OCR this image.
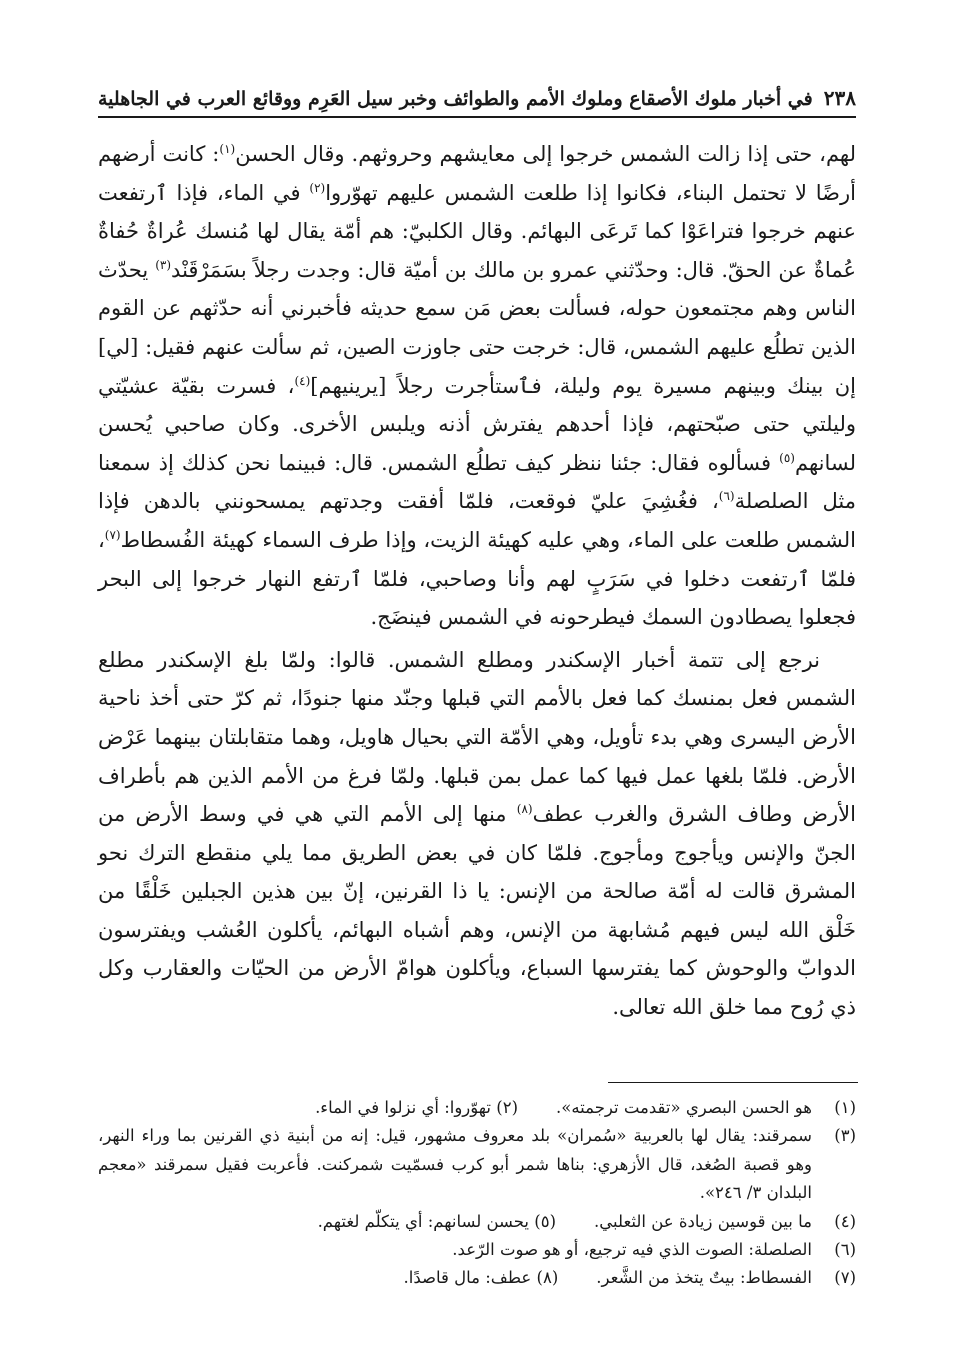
٢٣٨
في أخبار ملوك الأصقاع وملوك الأمم والطوائف وخبر سيل العَرِم ووقائع العرب في الجاهلية

لهم، حتى إذا زالت الشمس خرجوا إلى معايشهم وحروثهم. وقال الحسن$^{(١)}$: كانت أرضهم أرضًا لا تحتمل البناء، فكانوا إذا طلعت الشمس عليهم تهوّروا$^{(٢)}$ في الماء، فإذا ٱرتفعت عنهم خرجوا فتراعَوْا كما تَرعَى البهائم. وقال الكلبيّ: هم أمّة يقال لها مُنسك عُراةٌ حُفاةٌ عُماةٌ عن الحقّ. قال: وحدّثني عمرو بن مالك بن أميّة قال: وجدت رجلاً بسَمَرْقَنْد$^{(٣)}$ يحدّث الناس وهم مجتمعون حوله، فسألت بعض مَن سمع حديثه فأخبرني أنه حدّثهم عن القوم الذين تطلُع عليهم الشمس، قال: خرجت حتى جاوزت الصين، ثم سألت عنهم فقيل: [لي] إن بينك وبينهم مسيرة يوم وليلة، فٱستأجرت رجلاً [يرينيهم]$^{(٤)}$، فسرت بقيّة عشيّتي وليلتي حتى صبّحتهم، فإذا أحدهم يفترش أذنه ويلبس الأخرى. وكان صاحبي يُحسن لسانهم$^{(٥)}$ فسألوه فقال: جئنا ننظر كيف تطلُع الشمس. قال: فبينما نحن كذلك إذ سمعنا مثل الصلصلة$^{(٦)}$، فغُشِيَ عليّ فوقعت، فلمّا أفقت وجدتهم يمسحونني بالدهن فإذا الشمس طلعت على الماء، وهي عليه كهيئة الزيت، وإذا طرف السماء كهيئة الفُسطاط$^{(٧)}$، فلمّا ٱرتفعت دخلوا في سَرَبٍ لهم وأنا وصاحبي، فلمّا ٱرتفع النهار خرجوا إلى البحر فجعلوا يصطادون السمك فيطرحونه في الشمس فينضَج.

نرجع إلى تتمة أخبار الإسكندر ومطلع الشمس. قالوا: ولمّا بلغ الإسكندر مطلع الشمس فعل بمنسك كما فعل بالأمم التي قبلها وجنّد منها جنودًا، ثم كرّ حتى أخذ ناحية الأرض اليسرى وهي بدء تأويل، وهي الأمّة التي بحيال هاويل، وهما متقابلتان بينهما عَرْض الأرض. فلمّا بلغها عمل فيها كما عمل بمن قبلها. ولمّا فرغ من الأمم الذين هم بأطراف الأرض وطاف الشرق والغرب عطف$^{(٨)}$ منها إلى الأمم التي هي في وسط الأرض من الجنّ والإنس ويأجوج ومأجوج. فلمّا كان في بعض الطريق مما يلي منقطع الترك نحو المشرق قالت له أمّة صالحة من الإنس: يا ذا القرنين، إنّ بين هذين الجبلين خَلْقًا من خَلْق الله ليس فيهم مُشابهة من الإنس، وهم أشباه البهائم، يأكلون العُشب ويفترسون الدوابّ والوحوش كما يفترسها السباع، ويأكلون هوامّ الأرض من الحيّات والعقارب وكل ذي رُوح مما خلق الله تعالى.

(١)
هو الحسن البصري «تقدمت ترجمته».(٢) تهوّروا: أي نزلوا في الماء.
(٣)
سمرقند: يقال لها بالعربية «سُمران» بلد معروف مشهور، قيل: إنه من أبنية ذي القرنين بما وراء النهر، وهو قصبة الصُغد، قال الأزهري: بناها شمر أبو كرب فسمّيت شمركنت. فأعربت فقيل سمرقند «معجم البلدان ٣/ ٢٤٦».
(٤)
ما بين قوسين زيادة عن الثعلبي.(٥) يحسن لسانهم: أي يتكلّم لغتهم.
(٦)
الصلصلة: الصوت الذي فيه ترجيع، أو هو صوت الرّعد.
(٧)
الفسطاط: بيتٌ يتخذ من الشَّعر.(٨) عطف: مال قاصدًا.
